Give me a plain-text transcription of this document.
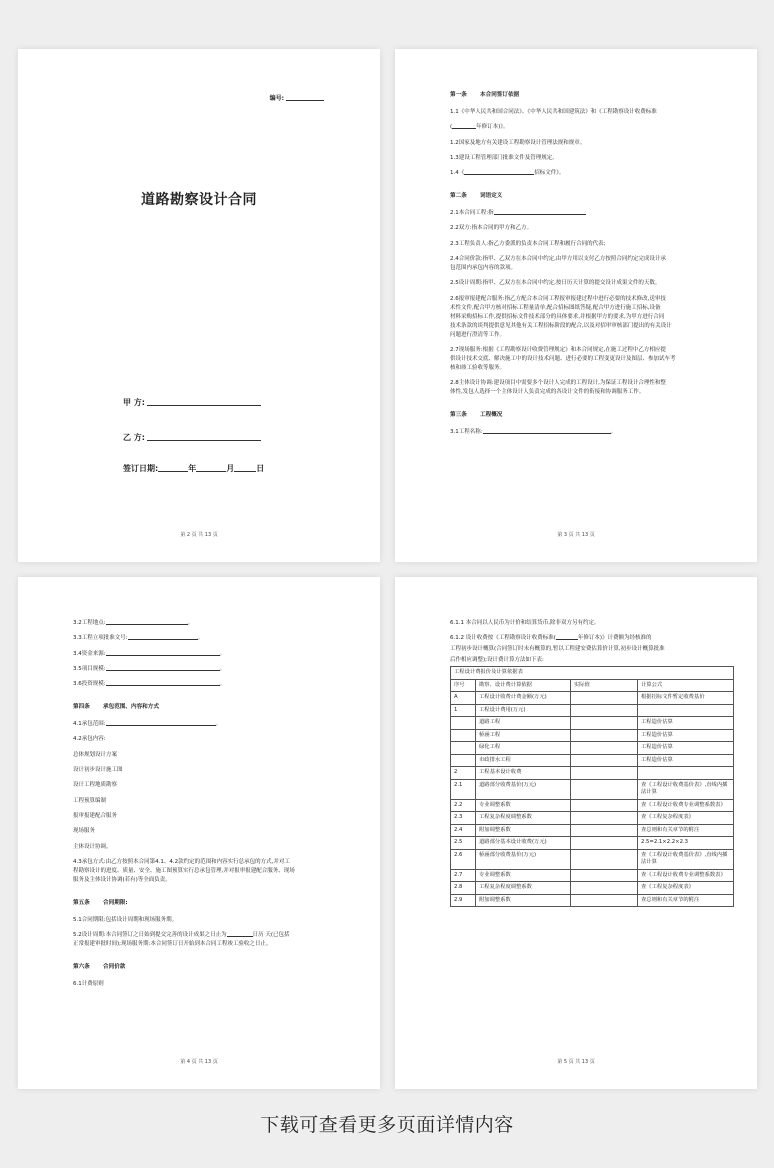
编号:
道路勘察设计合同
甲 方:
乙 方:
签订日期:	年	月	日
第 2 页 共 13 页

第一条 本合同签订依据

1.1《中华人民共和国合同法》、《中华人民共和国建筑法》和《工程勘察设计收费标准

(	年修订本)》。

1.2国家及地方有关建设工程勘察设计管理法规和规章。

1.3建设工程管理部门批准文件及管理规定。

1.4《	招标文件》。

第二条 词语定义

2.1本合同工程:指

2.2双方:指本合同的甲方和乙方。

2.3工程负责人:指乙方委派的负责本合同工程和履行合同的代表;

2.4合同价款:指甲、乙双方在本合同中约定,由甲方用以支付乙方按照合同约定完成设计承

包范围内承包内容的款项。

2.5设计周期:指甲、乙双方在本合同中约定,按日历天计算的提交设计成果文件的天数。

2.6报审报建配合服务:指乙方配合本合同工程报审报建过程中进行必要的技术修改,送审技

术性文件,配合甲方核对招标工程量清单,配合招标图纸答疑,配合甲方进行施工招标,设备

材料采购招标工作,提供招标文件技术部分的具体要求,并根据甲方的要求,为甲方进行合同

技术条款的谈判提供意见其他有关工程招标阶段的配合,以及对招审审核部门提出的有关设计

问题进行澄清等工作。

2.7现场服务:根据《工程勘察设计收费管理规定》和本合同规定,在施工过程中乙方相应提

供设计技术交底、解决施工中的设计技术问题、进行必要的工程变更设计及图层、参加试车考

核和竣工验收等服务。

2.8主体设计协调:建设项目中需要多个设计人完成的工程设计,为保证工程设计合理性和整

体性,发包人选择一个主体设计人负责完成的各设计文件的衔接和协调服务工作。

第三条 工程概况

3.1工程名称:	。

第 3 页 共 13 页

3.2工程地点:	。

3.3工程立项批准文号:	。

3.4资金来源:	。

3.5项目规模:	。

3.6投资规模:	。

第四条 承包范围、内容和方式

4.1承包范围:	。

4.2承包内容:

总体规划设计方案

设计初步设计施工图

设计工程地质勘察

工程预算编制

报审报建配合服务

现场服务

主体设计协调。

4.3承包方式:由乙方按照本合同第4.1、4.2款约定的范围和内容实行总承包的方式,并对工

程勘察设计的进度、质量、安全、施工图预算实行总承包管理,并对报审报建配合服务、现场

服务及主体设计协调(若有)等全面负责。

第五条 合同期限:

5.1合同期限:包括设计周期和现场服务期。

5.2设计周期:本合同签订之日始到提交完善的设计成果之日止为	日历 天(已包括

正常报建审批时间);现场服务期:本合同签订日开始到本合同工程竣工验收之日止。

第六条 合同价款

6.1计费原则

第 4 页 共 13 页

6.1.1 本合同以人民币为计价和结算货币,除非双方另有约定。

6.1.2 设计收费按《工程勘察设计收费标准(	年修订本)》计费额为经核准的

工程初步设计概算(合同签订时未有概算的,暂以工程建安费估算价计算,初步设计概算批准

后作相应调整);设计费计算方法如下表:

工程设计费报价及计算依据表			
序号	勘察、设计费计算依据	实际值	计算公式
A	工程设计收费计费金额(万元)		根据招标文件暂定收费基价
1	工程设计费用(万元)		
	道路工程		工程造价估算
	桥涵工程		工程造价估算
	绿化工程		工程造价估算
	市政排水工程		工程造价估算
2	工程基本设计收费		
2.1	道路部分收费基价(万元)		查《工程设计收费基价表》,直线内插法计算
2.2	专业调整系数		查《工程设计收费专业调整系数表》
2.3	工程复杂程度调整系数		查《工程复杂程度表》
2.4	附加调整系数		查总则和有关章节的附注
2.5	道路部分基本设计收费(万元)		2.5=2.1×2.2×2.3
2.6	桥涵部分收费基价(万元)		查《工程设计收费基价表》,直线内插法计算
2.7	专业调整系数		查《工程设计收费专业调整系数表》
2.8	工程复杂程度调整系数		查《工程复杂程度表》
2.9	附加调整系数		查总则和有关章节的附注
第 5 页 共 13 页
下载可查看更多页面详情内容
